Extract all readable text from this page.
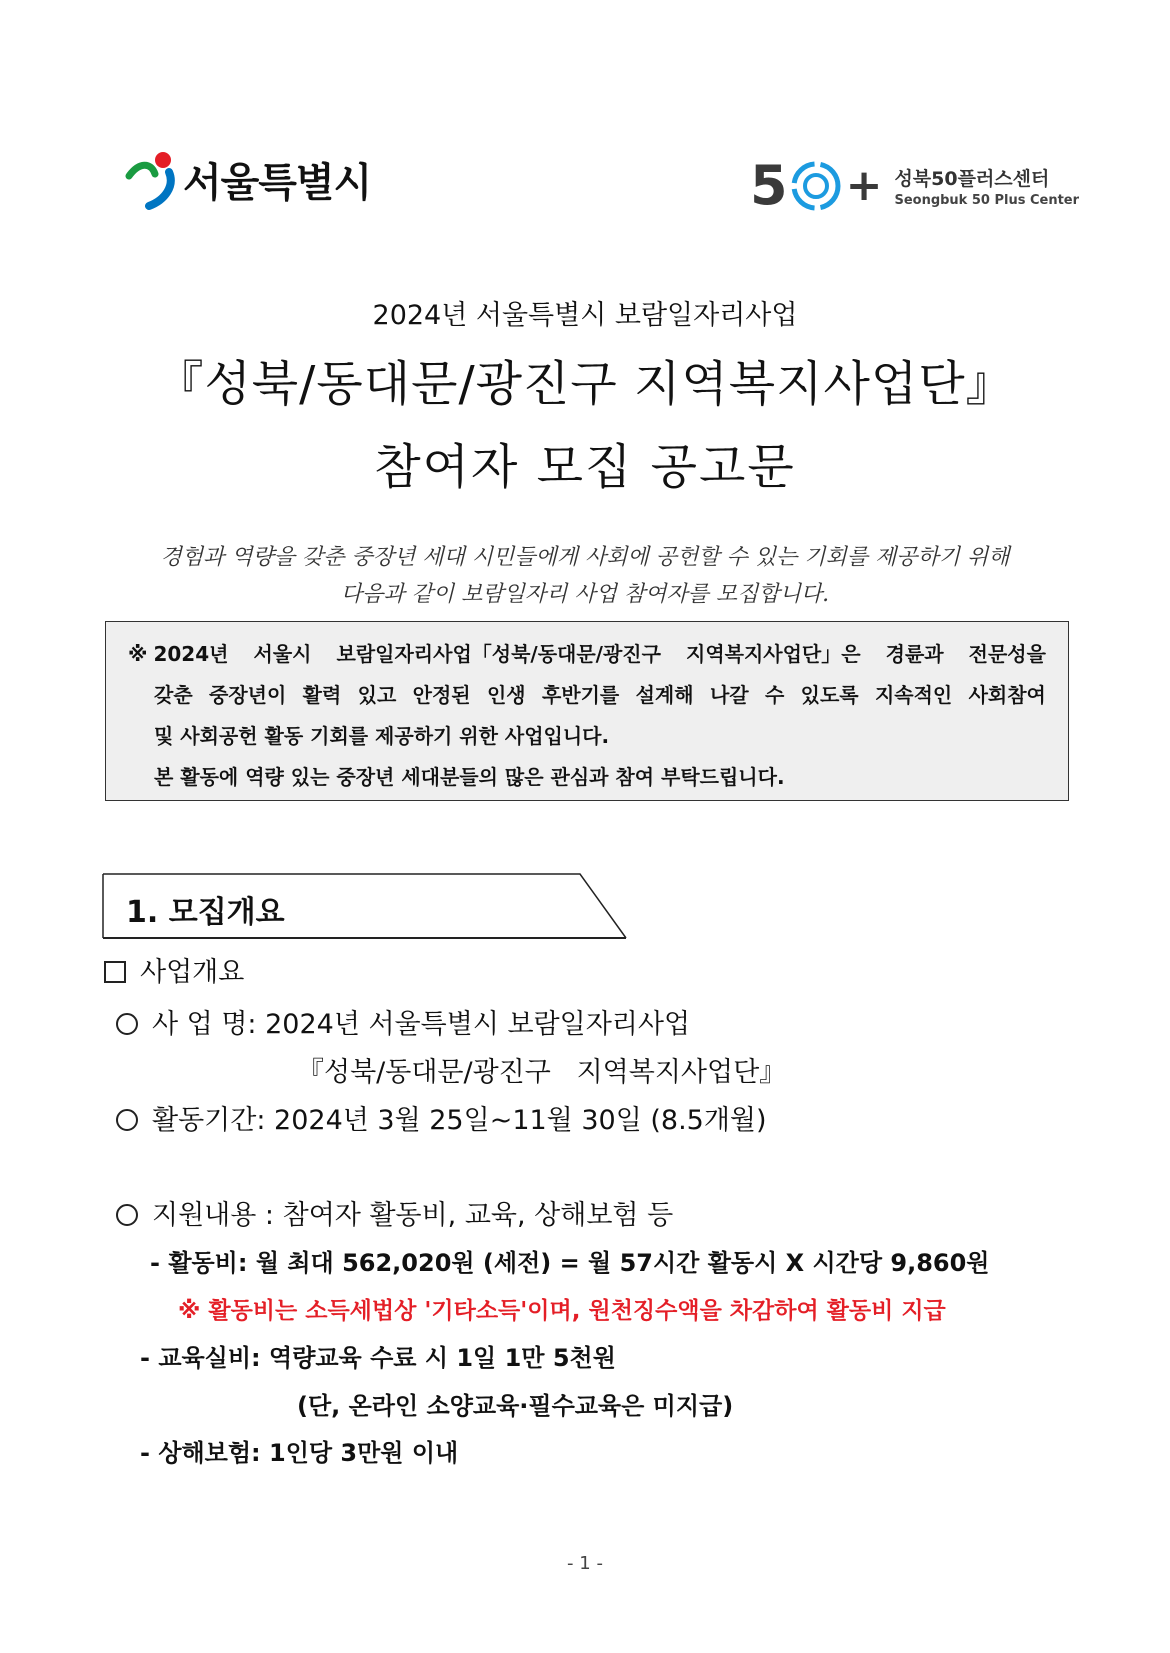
서울특별시	5 + 성북50플러스센터
Seongbuk 50 Plus Center
2024년 서울특별시 보람일자리사업
『성북/동대문/광진구 지역복지사업단』
참여자 모집 공고문
경험과 역량을 갖춘 중장년 세대 시민들에게 사회에 공헌할 수 있는 기회를 제공하기 위해
다음과 같이 보람일자리 사업 참여자를 모집합니다.
※ 2024년 서울시 보람일자리사업「성북/동대문/광진구 지역복지사업단」은 경륜과 전문성을
갖춘 중장년이 활력 있고 안정된 인생 후반기를 설계해 나갈 수 있도록 지속적인 사회참여
및 사회공헌 활동 기회를 제공하기 위한 사업입니다.
본 활동에 역량 있는 중장년 세대분들의 많은 관심과 참여 부탁드립니다.
1. 모집개요
사업개요
사 업 명: 2024년 서울특별시 보람일자리사업
『성북/동대문/광진구   지역복지사업단』
활동기간: 2024년 3월 25일~11월 30일 (8.5개월)
지원내용 : 참여자 활동비, 교육, 상해보험 등
- 활동비: 월 최대 562,020원 (세전) = 월 57시간 활동시 X 시간당 9,860원
※ 활동비는 소득세법상 '기타소득'이며, 원천징수액을 차감하여 활동비 지급
- 교육실비: 역량교육 수료 시 1일 1만 5천원
(단, 온라인 소양교육·필수교육은 미지급)
- 상해보험: 1인당 3만원 이내
- 1 -
